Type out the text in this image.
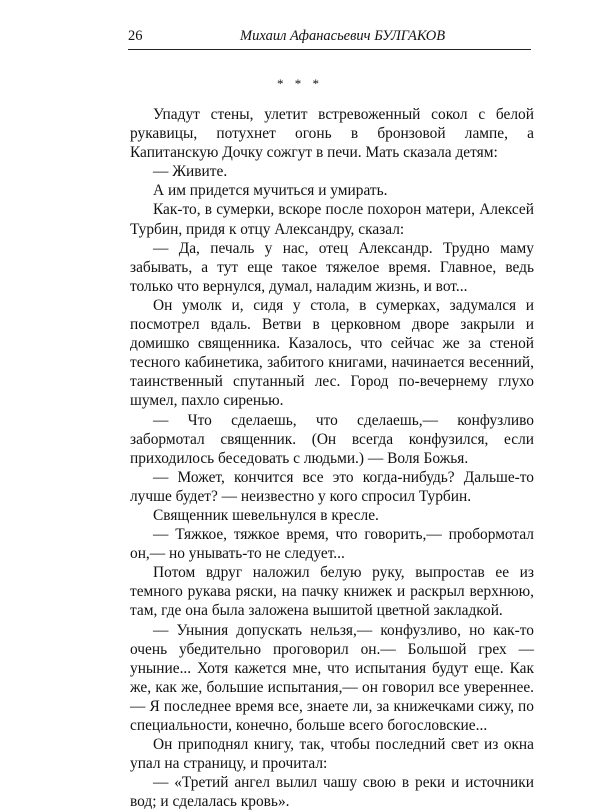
26	Михаил Афанасьевич БУЛГАКОВ
* * *

Упадут стены, улетит встревоженный сокол с белой рукавицы, потухнет огонь в бронзовой лампе, а Капитанскую Дочку сожгут в печи. Мать сказала детям:

— Живите.

А им придется мучиться и умирать.

Как-то, в сумерки, вскоре после похорон матери, Алексей Турбин, придя к отцу Александру, сказал:

— Да, печаль у нас, отец Александр. Трудно маму забывать, а тут еще такое тяжелое время. Главное, ведь только что вернулся, думал, наладим жизнь, и вот...

Он умолк и, сидя у стола, в сумерках, задумался и посмотрел вдаль. Ветви в церковном дворе закрыли и домишко священника. Казалось, что сейчас же за стеной тесного кабинетика, забитого книгами, начинается весенний, таинственный спутанный лес. Город по-вечернему глухо шумел, пахло сиренью.

— Что сделаешь, что сделаешь,— конфузливо забормотал священник. (Он всегда конфузился, если приходилось беседовать с людьми.) — Воля Божья.

— Может, кончится все это когда-нибудь? Дальше-то лучше будет? — неизвестно у кого спросил Турбин.

Священник шевельнулся в кресле.

— Тяжкое, тяжкое время, что говорить,— пробормотал он,— но унывать-то не следует...

Потом вдруг наложил белую руку, выпростав ее из темного рукава ряски, на пачку книжек и раскрыл верхнюю, там, где она была заложена вышитой цветной закладкой.

— Уныния допускать нельзя,— конфузливо, но как-то очень убедительно проговорил он.— Большой грех — уныние... Хотя кажется мне, что испытания будут еще. Как же, как же, большие испытания,— он говорил все увереннее.— Я последнее время все, знаете ли, за книжечками сижу, по специальности, конечно, больше всего богословские...

Он приподнял книгу, так, чтобы последний свет из окна упал на страницу, и прочитал:

— «Третий ангел вылил чашу свою в реки и источники вод; и сделалась кровь».
